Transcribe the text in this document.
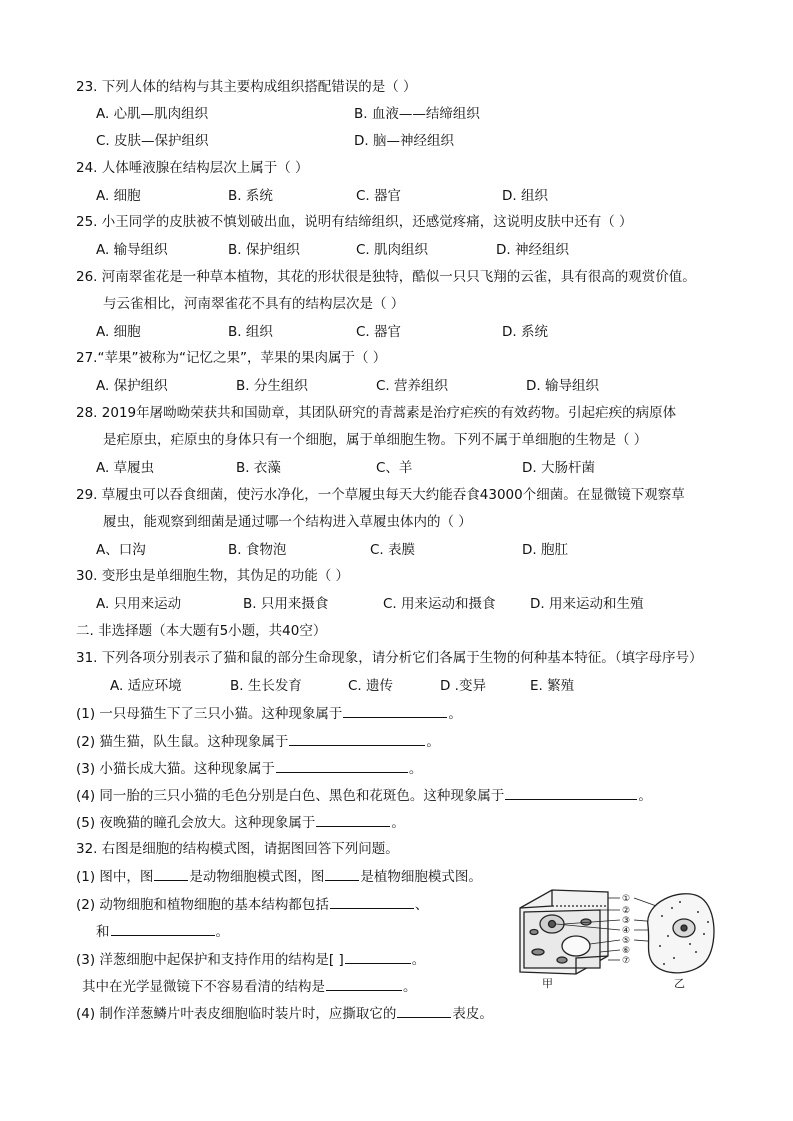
23. 下列人体的结构与其主要构成组织搭配错误的是（ ）
A. 心肌—肌肉组织	B. 血液——结缔组织
C. 皮肤—保护组织	D. 脑—神经组织
24. 人体唾液腺在结构层次上属于（ ）
A. 细胞	B. 系统	C. 器官	D. 组织
25. 小王同学的皮肤被不慎划破出血，说明有结缔组织，还感觉疼痛，这说明皮肤中还有（ ）
A. 输导组织	B. 保护组织	C. 肌肉组织	D. 神经组织
26. 河南翠雀花是一种草本植物，其花的形状很是独特，酷似一只只飞翔的云雀，具有很高的观赏价值。
与云雀相比，河南翠雀花不具有的结构层次是（ ）
A. 细胞	B. 组织	C. 器官	D. 系统
27.“苹果”被称为“记忆之果”，苹果的果肉属于（ ）
A. 保护组织	B. 分生组织	C. 营养组织	D. 输导组织
28. 2019年屠呦呦荣获共和国勋章，其团队研究的青蒿素是治疗疟疾的有效药物。引起疟疾的病原体
是疟原虫，疟原虫的身体只有一个细胞，属于单细胞生物。下列不属于单细胞的生物是（ ）
A. 草履虫	B. 衣藻	C、羊	D. 大肠杆菌
29. 草履虫可以吞食细菌，使污水净化，一个草履虫每天大约能吞食43000个细菌。在显微镜下观察草
履虫，能观察到细菌是通过哪一个结构进入草履虫体内的（ ）
A、口沟	B. 食物泡	C. 表膜	D. 胞肛
30. 变形虫是单细胞生物，其伪足的功能（ ）
A. 只用来运动	B. 只用来摄食	C. 用来运动和摄食	D. 用来运动和生殖
二. 非选择题（本大题有5小题，共40空）
31. 下列各项分别表示了猫和鼠的部分生命现象，请分析它们各属于生物的何种基本特征。（填字母序号）
A. 适应环境	B. 生长发育	C. 遗传	D .变异	E. 繁殖
(1) 一只母猫生下了三只小猫。这种现象属于	。
(2) 猫生猫，队生鼠。这种现象属于	。
(3) 小猫长成大猫。这种现象属于	。
(4) 同一胎的三只小猫的毛色分别是白色、黑色和花斑色。这种现象属于	。
(5) 夜晚猫的瞳孔会放大。这种现象属于	。
32. 右图是细胞的结构模式图，请据图回答下列问题。
(1) 图中，图	是动物细胞模式图，图	是植物细胞模式图。
(2) 动物细胞和植物细胞的基本结构都包括	、
和	。
(3) 洋葱细胞中起保护和支持作用的结构是[ ]	。
其中在光学显微镜下不容易看清的结构是	。
(4) 制作洋葱鳞片叶表皮细胞临时装片时，应撕取它的	表皮。
①
②
③
④
⑤
⑥
⑦
甲	乙
